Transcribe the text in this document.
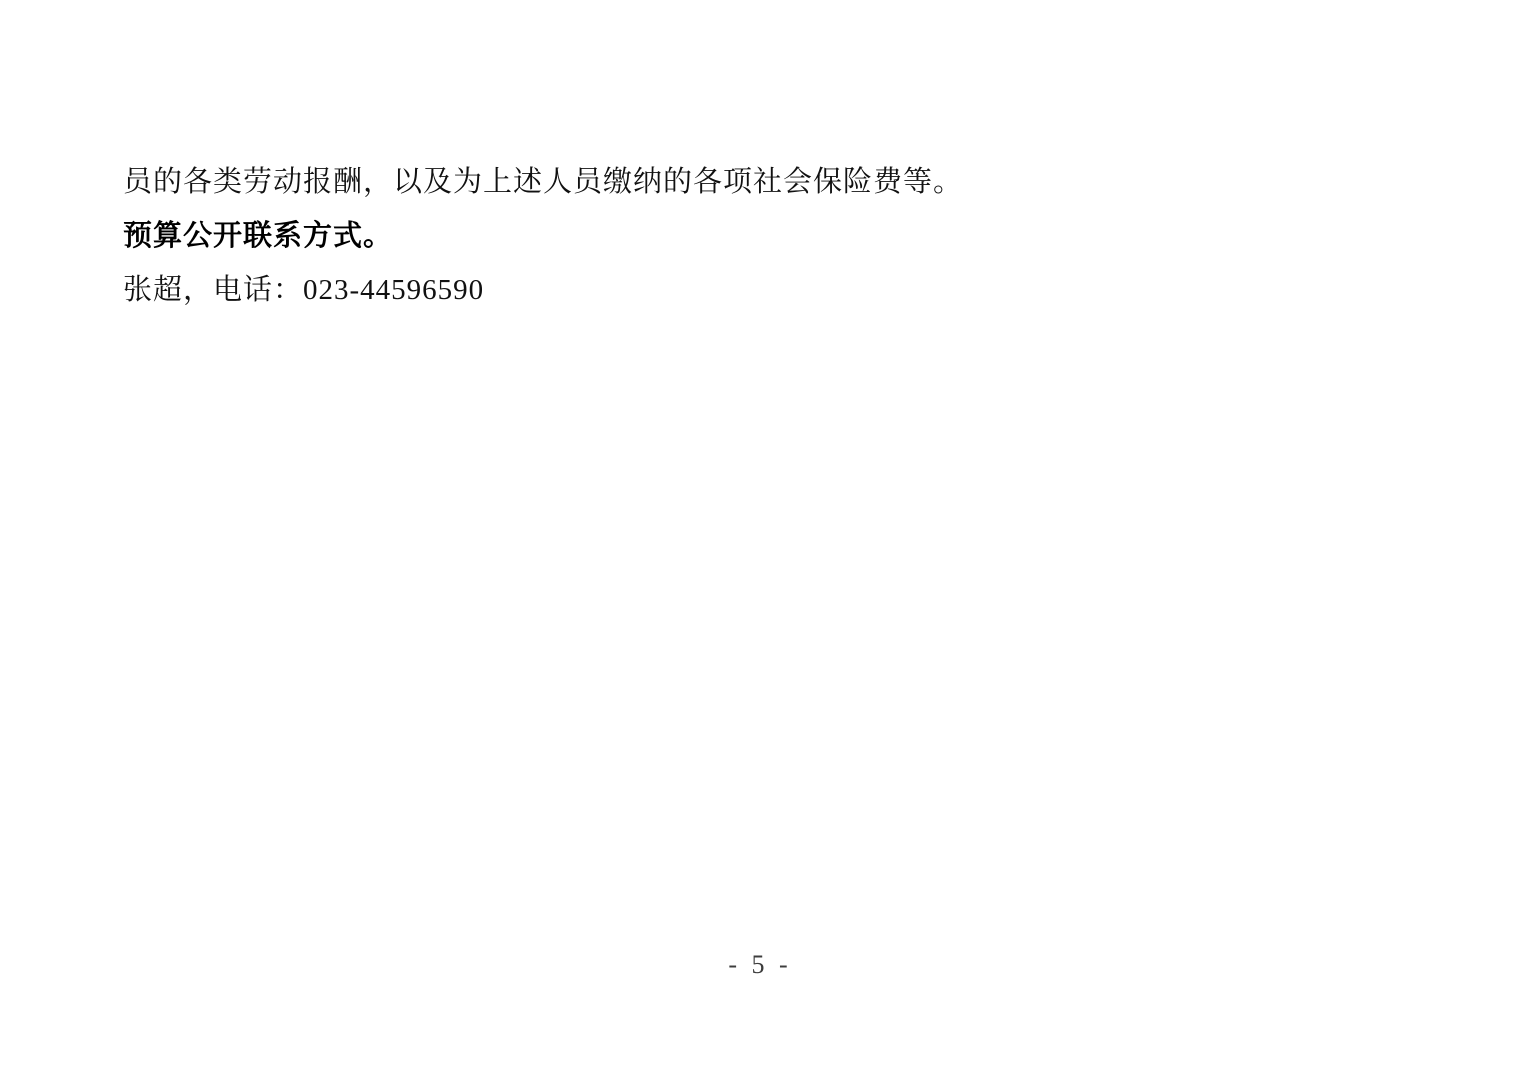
员的各类劳动报酬，以及为上述人员缴纳的各项社会保险费等。

预算公开联系方式。

张超，电话：023-44596590

- 5 -
